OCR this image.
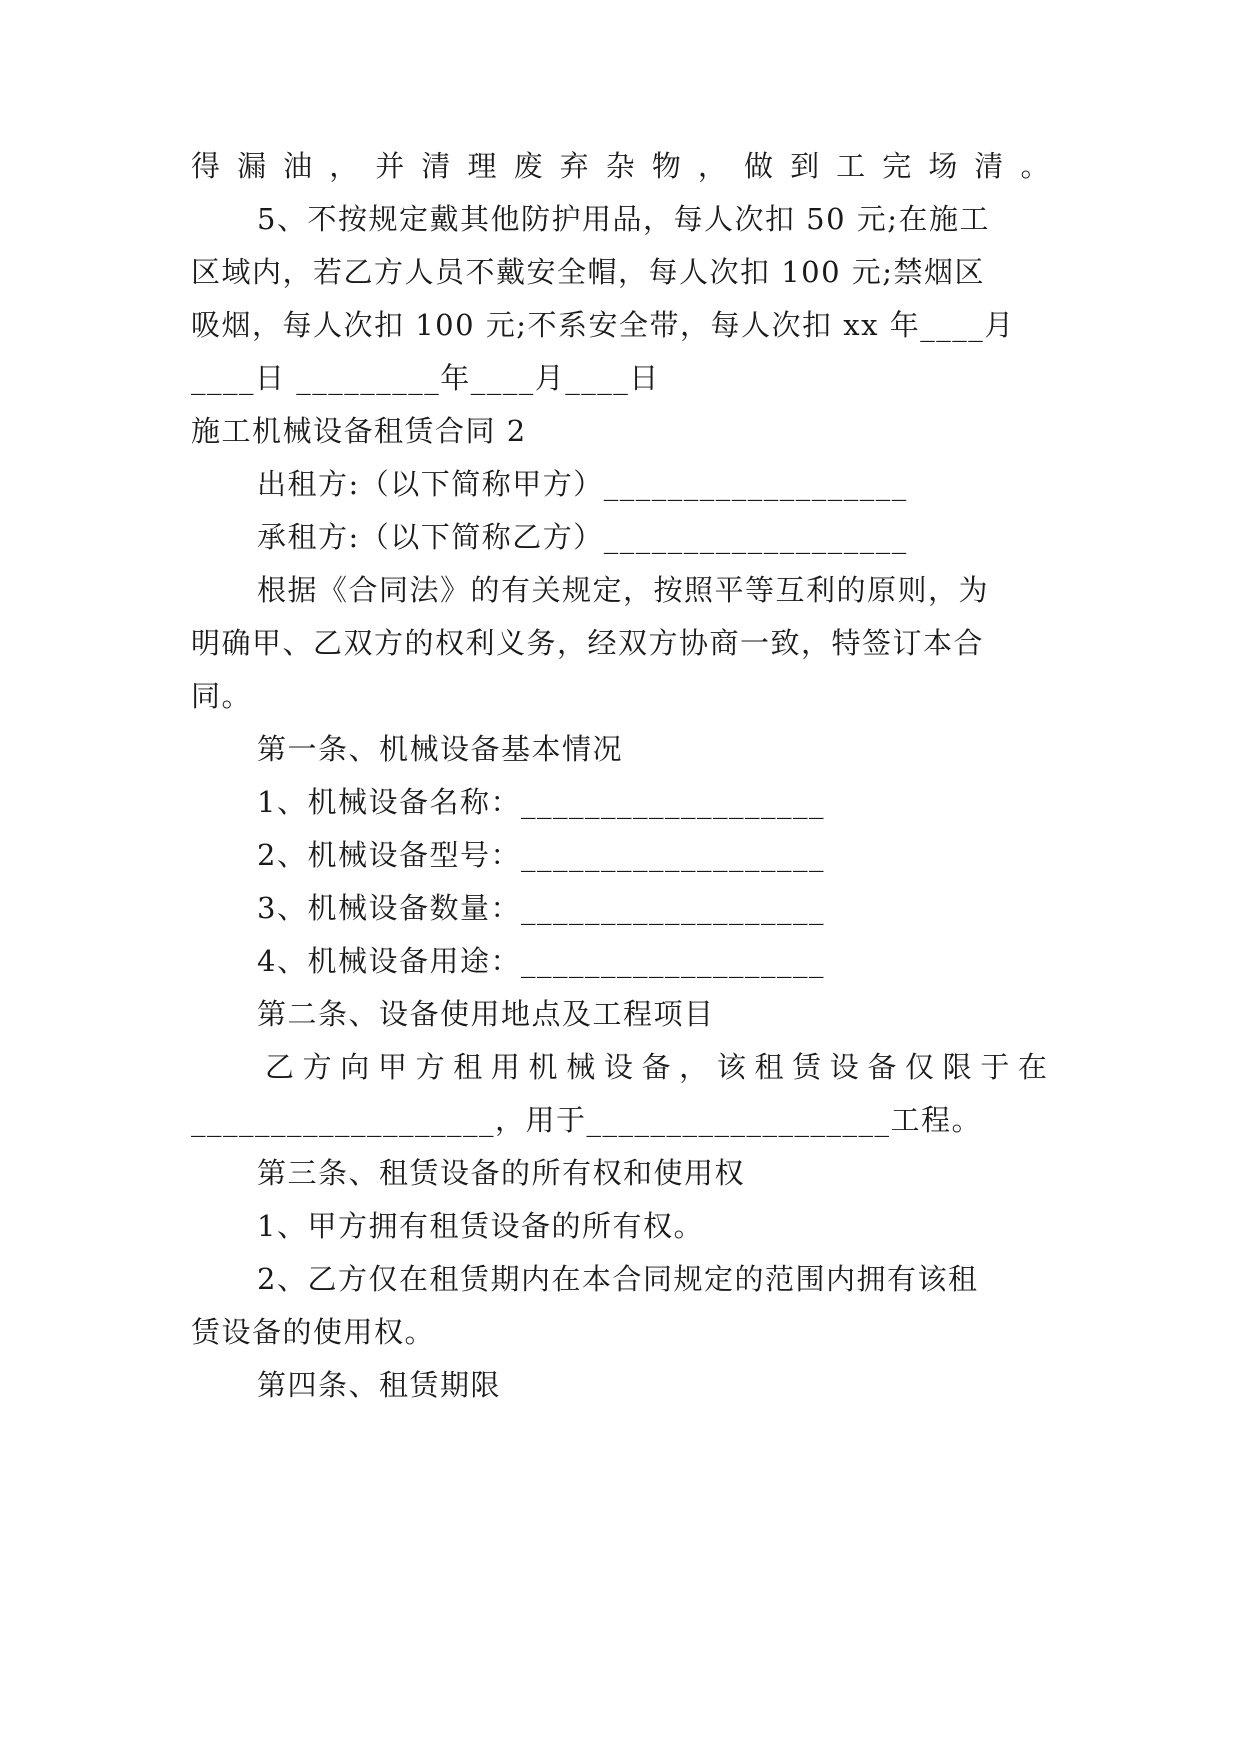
得漏油，并清理废弃杂物，做到工完场清。
5、不按规定戴其他防护用品，每人次扣 50 元;在施工
区域内，若乙方人员不戴安全帽，每人次扣 100 元;禁烟区
吸烟，每人次扣 100 元;不系安全带，每人次扣 xx 年____月
____日 _________年____月____日
施工机械设备租赁合同 2
出租方:（以下简称甲方）___________________
承租方:（以下简称乙方）___________________
根据《合同法》的有关规定，按照平等互利的原则，为
明确甲、乙双方的权利义务，经双方协商一致，特签订本合
同。
第一条、机械设备基本情况
1、机械设备名称：___________________
2、机械设备型号：___________________
3、机械设备数量：___________________
4、机械设备用途：___________________
第二条、设备使用地点及工程项目
乙方向甲方租用机械设备，该租赁设备仅限于在
___________________，用于___________________工程。
第三条、租赁设备的所有权和使用权
1、甲方拥有租赁设备的所有权。
2、乙方仅在租赁期内在本合同规定的范围内拥有该租
赁设备的使用权。
第四条、租赁期限
